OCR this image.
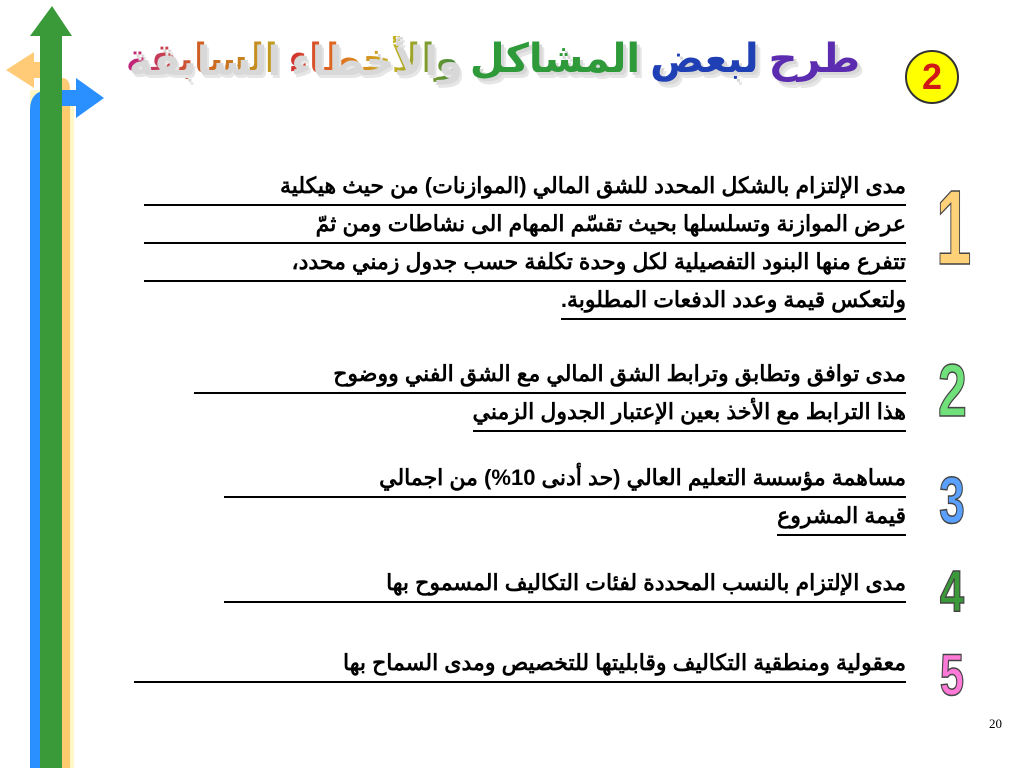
طرحلبعضالمشاكلوالأخطاءالسابقة	2
مدى الإلتزام بالشكل المحدد للشق المالي (الموازنات) من حيث هيكلية
عرض الموازنة وتسلسلها بحيث تقسّم المهام الى نشاطات ومن ثمّ
تتفرع منها البنود التفصيلية لكل وحدة تكلفة حسب جدول زمني محدد،
ولتعكس قيمة وعدد الدفعات المطلوبة.
1
مدى توافق وتطابق وترابط الشق المالي مع الشق الفني ووضوح
هذا الترابط مع الأخذ بعين الإعتبار الجدول الزمني 2
مساهمة مؤسسة التعليم العالي (حد أدنى 10%) من اجمالي
قيمة المشروع 3
مدى الإلتزام بالنسب المحددة لفئات التكاليف المسموح بها 4
معقولية ومنطقية التكاليف وقابليتها للتخصيص ومدى السماح بها 5
20
